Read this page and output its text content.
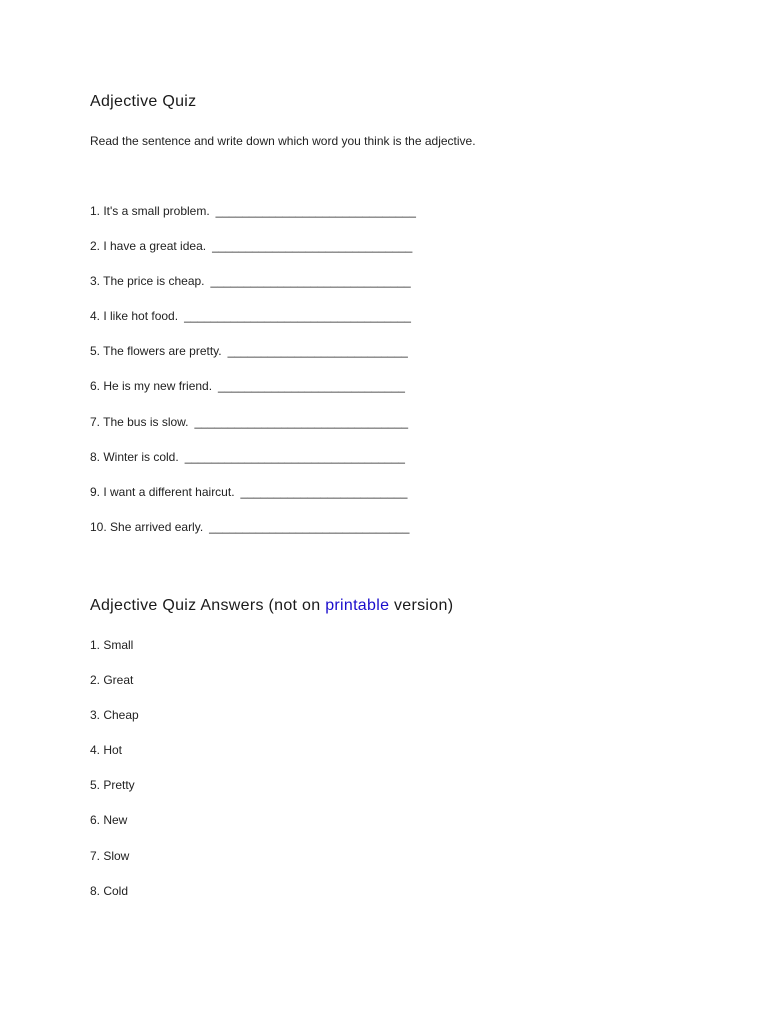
Adjective Quiz

Read the sentence and write down which word you think is the adjective.

1. It's a small problem. ______________________________
2. I have a great idea. ______________________________
3. The price is cheap. ______________________________
4. I like hot food. __________________________________
5. The flowers are pretty. ___________________________
6. He is my new friend. ____________________________
7. The bus is slow. ________________________________
8. Winter is cold. _________________________________
9. I want a different haircut. _________________________
10. She arrived early. ______________________________
Adjective Quiz Answers (not on printable version)
1. Small
2. Great
3. Cheap
4. Hot
5. Pretty
6. New
7. Slow
8. Cold
